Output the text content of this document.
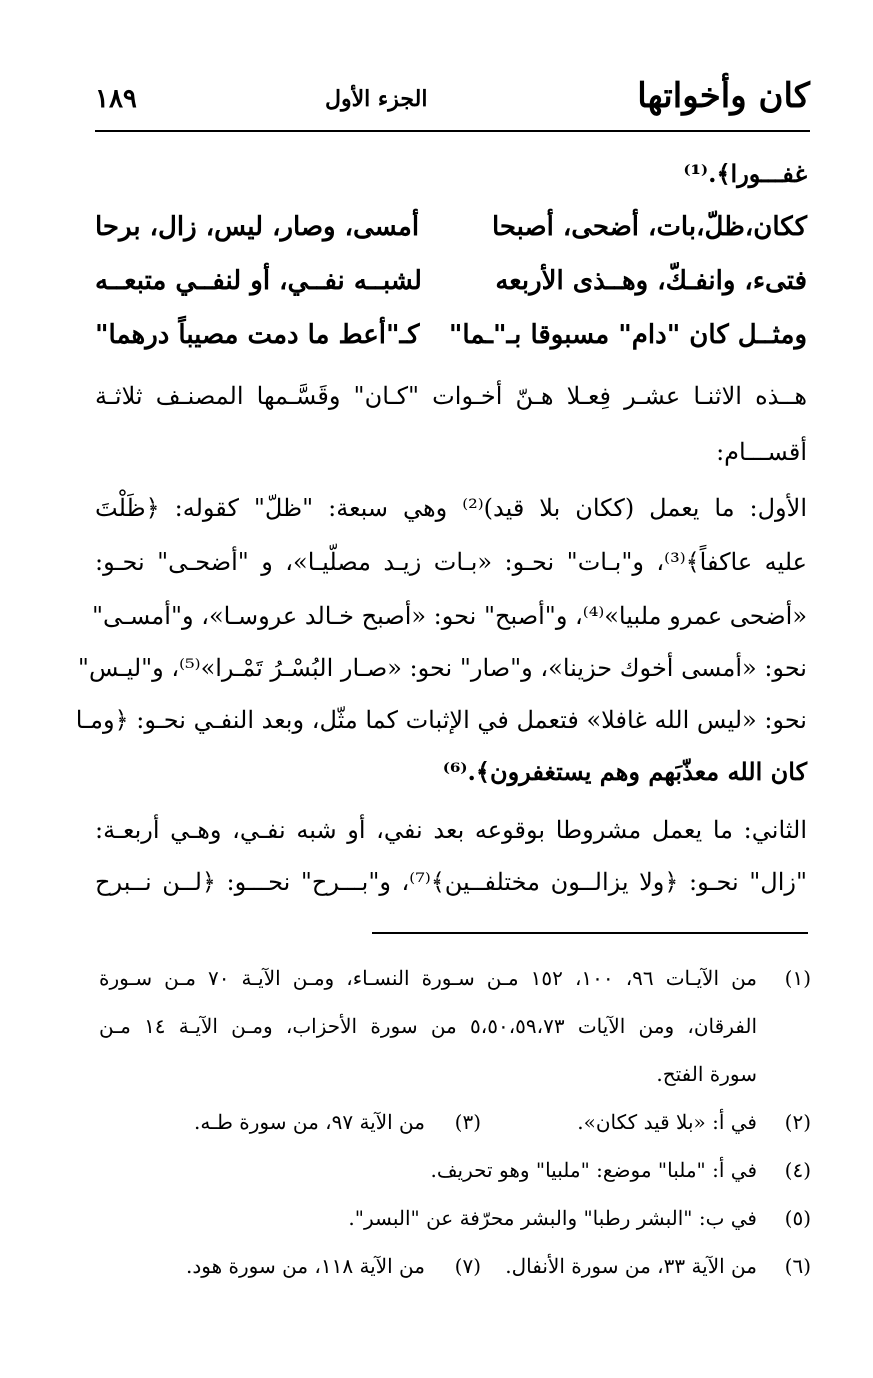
كان وأخواتها
الجزء الأول
١٨٩
غفـــورا﴾.⁽¹⁾
ككان،ظلّ،بات، أضحى، أصبحا
أمسى، وصار، ليس، زال، برحا
فتىء، وانفـكّ، وهــذى الأربعه
لشبــه نفــي، أو لنفــي متبعــه
ومثــل كان "دام" مسبوقا بـ"ـما"
كـ"أعط ما دمت مصيباً درهما"
هــذه الاثنـا عشـر فِعـلا هـنّ أخـوات "كـان" وقَسَّـمها المصنـف ثلاثـة
أقســـام:
الأول: ما يعمل (ككان بلا قيد)⁽²⁾ وهي سبعة: "ظلّ" كقوله: ﴿ظَلْتَ
عليه عاكفاً﴾⁽³⁾، و"بـات" نحـو: «بـات زيـد مصلّيـا»، و "أضحـى" نحـو:
«أضحى عمرو ملبيا»⁽⁴⁾، و"أصبح" نحو: «أصبح خـالد عروسـا»، و"أمسـى"
نحو: «أمسى أخوك حزينا»، و"صار" نحو: «صـار البُسْـرُ تَمْـرا»⁽⁵⁾، و"ليـس"
نحو: «ليس الله غافلا» فتعمل في الإثبات كما مثّل، وبعد النفـي نحـو: ﴿ومـا
كان الله معذّبَهم وهم يستغفرون﴾.⁽⁶⁾
الثاني: ما يعمل مشروطا بوقوعه بعد نفي، أو شبه نفـي، وهـي أربعـة:
"زال" نحـو: ﴿ولا يزالــون مختلفــين﴾⁽⁷⁾، و"بـــرح" نحـــو: ﴿لــن نــبرح
(١)
من الآيـات ٩٦، ١٠٠، ١٥٢ مـن سـورة النسـاء، ومـن الآيـة ٧٠ مـن سـورة
الفرقان، ومن الآيات ٥،٥٠،٥٩،٧٣ من سورة الأحزاب، ومـن الآيـة ١٤ مـن
سورة الفتح.
(٢)
في أ: «بلا قيد ككان».
(٣)
من الآية ٩٧، من سورة طـه.
(٤)
في أ: "ملبا" موضع: "ملبيا" وهو تحريف.
(٥)
في ب: "البشر رطبا" والبشر محرّفة عن "البسر".
(٦)
من الآية ٣٣، من سورة الأنفال.
(٧)
من الآية ١١٨، من سورة هود.
